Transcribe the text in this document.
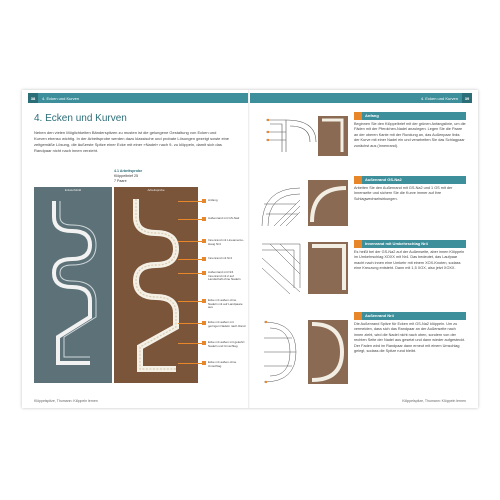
38	4. Ecken und Kurven
4. Ecken und Kurven
Neben den vielen Möglichkeiten Bänderspitzen zu musten ist die gelungene Gestaltung von Ecken und Kurven ebenso wichtig. In der Arbeitsprobe werden dazu klassische und probate Lösungen gezeigt sowie eine zeitgemäße Lösung, die äußerste Spitze einer Ecke mit einer »Nadel« nach 9- zu klöppeln, damit sich das Randpaar nicht nach innen verzieht.
4.1 Arbeitsprobe
Klöppelbrief 25
7 Paare
Entwurfsbild	Arbeitsprobe
Anfang
Außenrand mit GS-Na2
Innenrand mit Lineamento-Haug Nr4
Innenrand mit Nr4
Außenrand mit Nr4 Innenrand mit 2 auf Landschaft ohne Nadeln
Ecke mit außen ohne Nadeln mit auf Landpaare aus
Ecke mit außen mit geringen Nadeln nach Rand
Ecke mit außen mit gekehrt Nadeln und Umschlag
Ecke mit außen ohne Umschlag
Klöppelspitze, Thumann: Klöppeln lernen
4. Ecken und Kurven	39
Anfang
Beginnen Sie den Klöppelbrief mit der grünen Anfangslinie, um die Fäden mit der Pferdchen-Nadel anzulegen. Legen Sie die Paare an der oberen Kante mit der Rundung an, das Außenpaar links der Kurve mit einer Nadel ein und verarbeiten Sie das Schlagpaar zunächst aus (Innenrand).
Außenrand GS-Na2
Arbeiten Sie den Außenrand mit GS-Na2 und 1 GS mit der Innenseite und sichern Sie die Kurve immer auf ihre Schlagwechselwirkungen.
Innenrand mit Umkehrschlag Nr4
Es heißt bei der GS-Na2 auf der Außenseite, aber innen Klöppeln im Umkehrschlag XOXX mit Nr4. Das bedeutet, das Laufpaar macht nach innen eine Umkehr mit einem XOX-Knoten, sodass eine Kreuzung entsteht. Dann mit 1,5 XOX, also jetzt XOXX.
Außenrand Nr4
Die Außenrand Spitze für Ecken mit GS-Na2 klöppeln. Um zu vermeiden, dass sich das Randpaar an der Außenseite nach innen zieht, wird die Nadel nicht nach oben, sondern von der rechten Seite der Nadel aus gesetzt und dann wieder aufgesteckt. Der Faden wird im Randpaar dann erneut mit einem Umschlag gelegt, sodass die Spitze rund bleibt.
Klöppelspitze, Thumann: Klöppeln lernen
